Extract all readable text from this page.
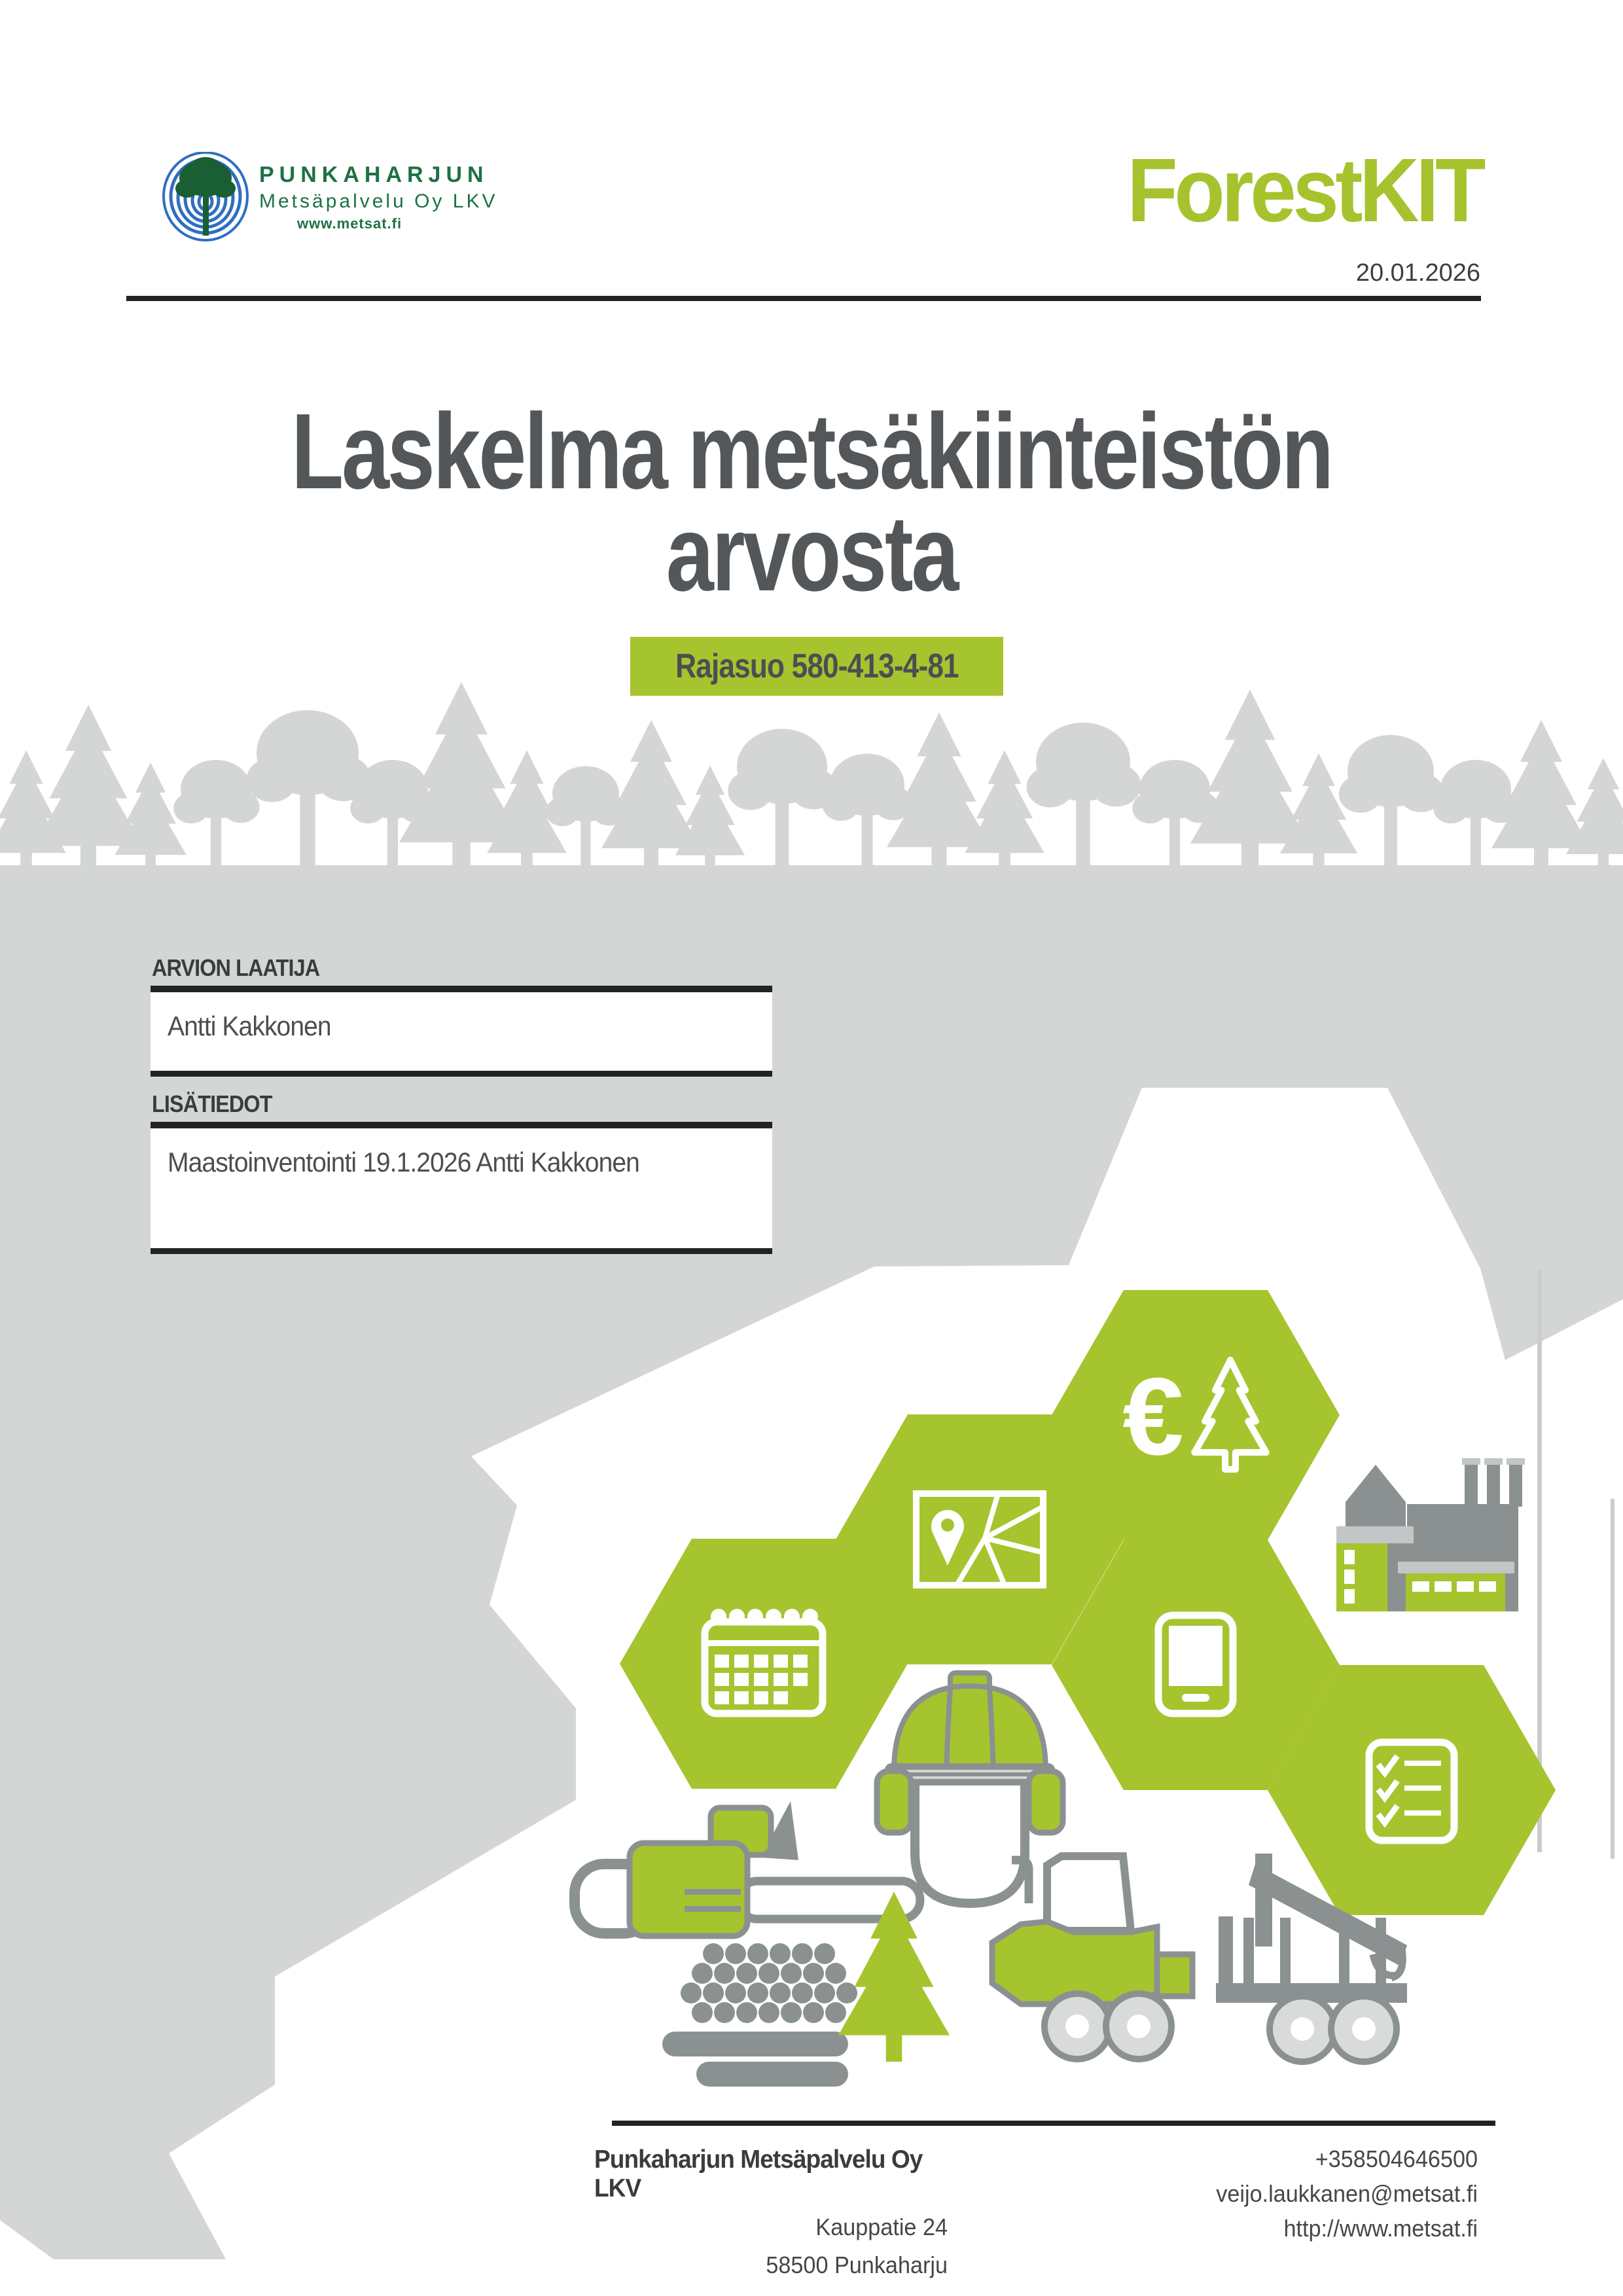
€
PUNKAHARJUN
Metsäpalvelu Oy LKV
www.metsat.fi	ForestKIT
20.01.2026
Laskelma metsäkiinteistön
arvosta
Rajasuo 580-413-4-81
ARVION LAATIJA
Antti Kakkonen
LISÄTIEDOT
Maastoinventointi 19.1.2026 Antti Kakkonen
Punkaharjun Metsäpalvelu Oy LKV
Kauppatie 24
58500 Punkaharju
+358504646500
veijo.laukkanen@metsat.fi
http://www.metsat.fi
